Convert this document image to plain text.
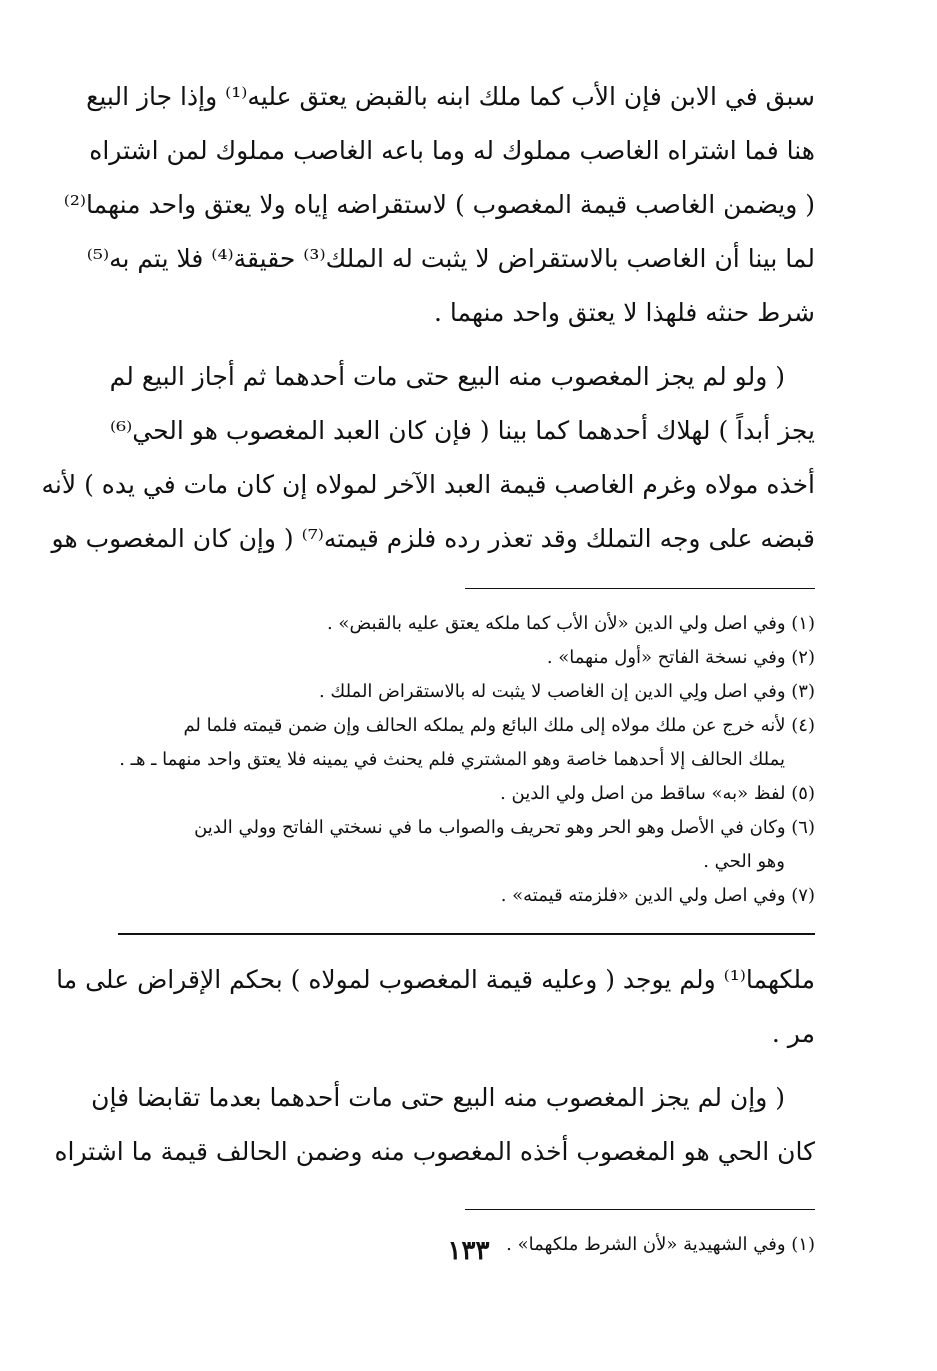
سبق في الابن فإن الأب كما ملك ابنه بالقبض يعتق عليه⁽¹⁾ وإذا جاز البيع
هنا فما اشتراه الغاصب مملوك له وما باعه الغاصب مملوك لمن اشتراه
( ويضمن الغاصب قيمة المغصوب ) لاستقراضه إياه ولا يعتق واحد منهما⁽²⁾
لما بينا أن الغاصب بالاستقراض لا يثبت له الملك⁽³⁾ حقيقة⁽⁴⁾ فلا يتم به⁽⁵⁾
شرط حنثه فلهذا لا يعتق واحد منهما .
( ولو لم يجز المغصوب منه البيع حتى مات أحدهما ثم أجاز البيع لم
يجز أبداً ) لهلاك أحدهما كما بينا ( فإن كان العبد المغصوب هو الحي⁽⁶⁾
أخذه مولاه وغرم الغاصب قيمة العبد الآخر لمولاه إن كان مات في يده ) لأنه
قبضه على وجه التملك وقد تعذر رده فلزم قيمته⁽⁷⁾ ( وإن كان المغصوب هو
(١) وفي اصل ولي الدين «لأن الأب كما ملكه يعتق عليه بالقبض» .
(٢) وفي نسخة الفاتح «أول منهما» .
(٣) وفي اصل ولِي الدين إن الغاصب لا يثبت له بالاستقراض الملك .
(٤) لأنه خرج عن ملك مولاه إلى ملك البائع ولم يملكه الحالف وإن ضمن قيمته فلما لم
يملك الحالف إلا أحدهما خاصة وهو المشتري فلم يحنث في يمينه فلا يعتق واحد منهما ـ هـ .
(٥) لفظ «به» ساقط من اصل ولي الدين .
(٦) وكان في الأصل وهو الحر وهو تحريف والصواب ما في نسختي الفاتح وولي الدين
وهو الحي .
(٧) وفي اصل ولي الدين «فلزمته قيمته» .
ملكهما⁽¹⁾ ولم يوجد ( وعليه قيمة المغصوب لمولاه ) بحكم الإقراض على ما
مر .
( وإن لم يجز المغصوب منه البيع حتى مات أحدهما بعدما تقابضا فإن
كان الحي هو المغصوب أخذه المغصوب منه وضمن الحالف قيمة ما اشتراه
(١) وفي الشهيدية «لأن الشرط ملكهما» .
١٣٣
